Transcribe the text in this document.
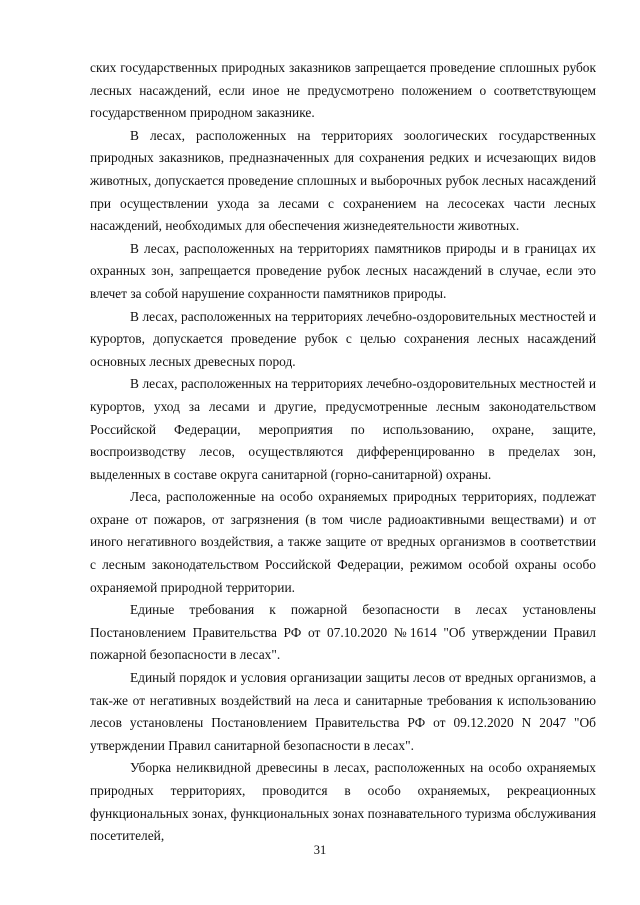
ских государственных природных заказников запрещается проведение сплошных рубок лесных насаждений, если иное не предусмотрено положением о соответствующем государственном природном заказнике.

В лесах, расположенных на территориях зоологических государственных природных заказников, предназначенных для сохранения редких и исчезающих видов животных, допускается проведение сплошных и выборочных рубок лесных насаждений при осуществлении ухода за лесами с сохранением на лесосеках части лесных насаждений, необходимых для обеспечения жизнедеятельности животных.

В лесах, расположенных на территориях памятников природы и в границах их охранных зон, запрещается проведение рубок лесных насаждений в случае, если это влечет за собой нарушение сохранности памятников природы.

В лесах, расположенных на территориях лечебно-оздоровительных местностей и курортов, допускается проведение рубок с целью сохранения лесных насаждений основных лесных древесных пород.

В лесах, расположенных на территориях лечебно-оздоровительных местностей и курортов, уход за лесами и другие, предусмотренные лесным законодательством Российской Федерации, мероприятия по использованию, охране, защите, воспроизводству лесов, осуществляются дифференцированно в пределах зон, выделенных в составе округа санитарной (горно-санитарной) охраны.

Леса, расположенные на особо охраняемых природных территориях, подлежат охране от пожаров, от загрязнения (в том числе радиоактивными веществами) и от иного негативного воздействия, а также защите от вредных организмов в соответствии с лесным законодательством Российской Федерации, режимом особой охраны особо охраняемой природной территории.

Единые требования к пожарной безопасности в лесах установлены Постановлением Правительства РФ от 07.10.2020 №1614 "Об утверждении Правил пожарной безопасности в лесах".

Единый порядок и условия организации защиты лесов от вредных организмов, а так-же от негативных воздействий на леса и санитарные требования к использованию лесов установлены Постановлением Правительства РФ от 09.12.2020 N 2047 "Об утверждении Правил санитарной безопасности в лесах".

Уборка неликвидной древесины в лесах, расположенных на особо охраняемых природных территориях, проводится в особо охраняемых, рекреационных функциональных зонах, функциональных зонах познавательного туризма обслуживания посетителей,

31
